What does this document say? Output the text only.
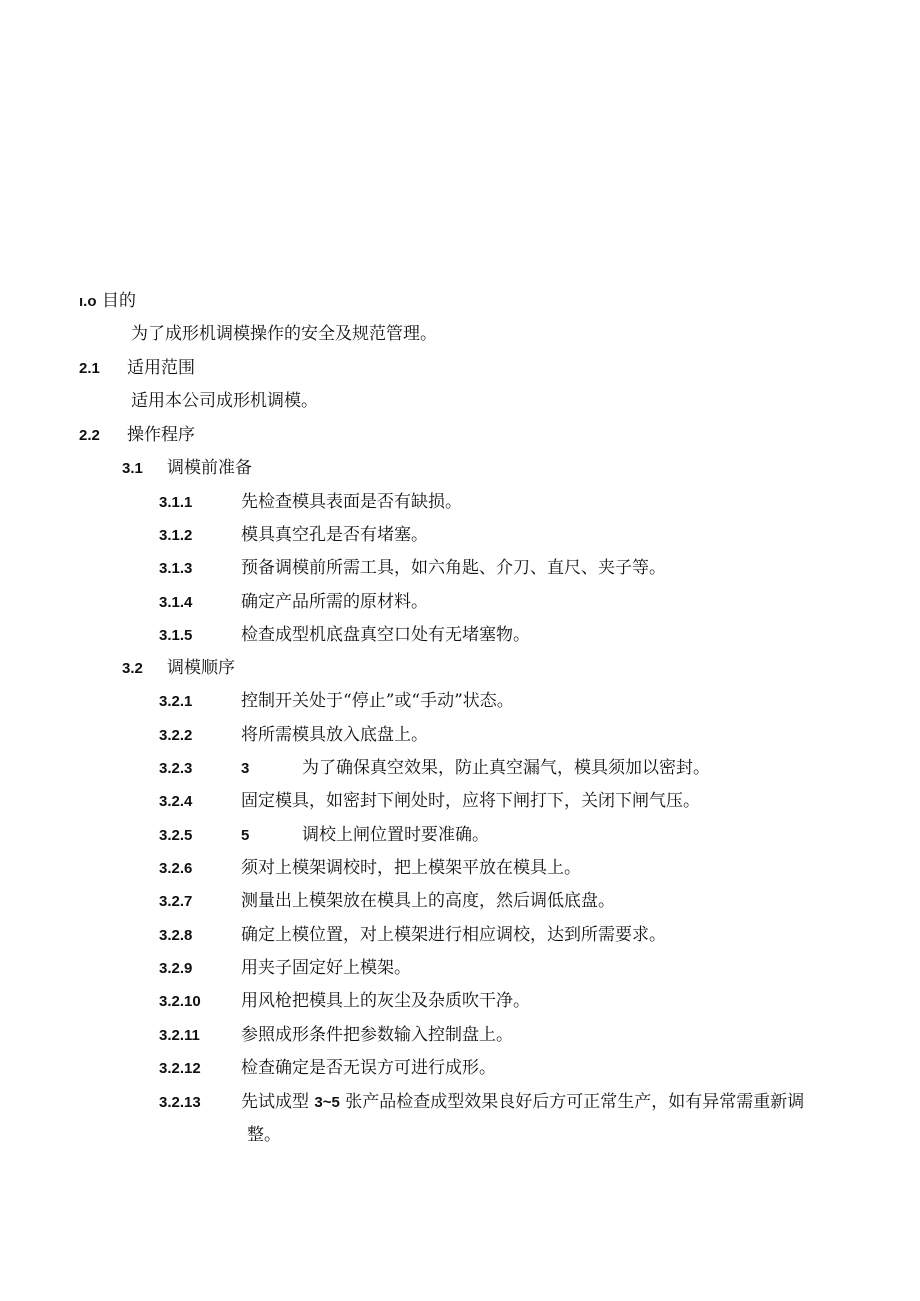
ı.o 目的
为了成形机调模操作的安全及规范管理。
2.1 适用范围
适用本公司成形机调模。
2.2 操作程序
3.1 调模前准备
3.1.1	先检查模具表面是否有缺损。
3.1.2	模具真空孔是否有堵塞。
3.1.3	预备调模前所需工具，如六角匙、介刀、直尺、夹子等。
3.1.4	确定产品所需的原材料。
3.1.5	检查成型机底盘真空口处有无堵塞物。
3.2 调模顺序
3.2.1	控制开关处于“停止”或“手动”状态。
3.2.2	将所需模具放入底盘上。
3.2.3	3	为了确保真空效果，防止真空漏气，模具须加以密封。
3.2.4	固定模具，如密封下闸处时，应将下闸打下，关闭下闸气压。
3.2.5	5	调校上闸位置时要准确。
3.2.6	须对上模架调校时，把上模架平放在模具上。
3.2.7	测量出上模架放在模具上的高度，然后调低底盘。
3.2.8	确定上模位置，对上模架进行相应调校，达到所需要求。
3.2.9	用夹子固定好上模架。
3.2.10 用风枪把模具上的灰尘及杂质吹干净。
3.2.11 参照成形条件把参数输入控制盘上。
3.2.12 检查确定是否无误方可进行成形。
3.2.13 先试成型 3~5 张产品检查成型效果良好后方可正常生产，如有异常需重新调
整。
